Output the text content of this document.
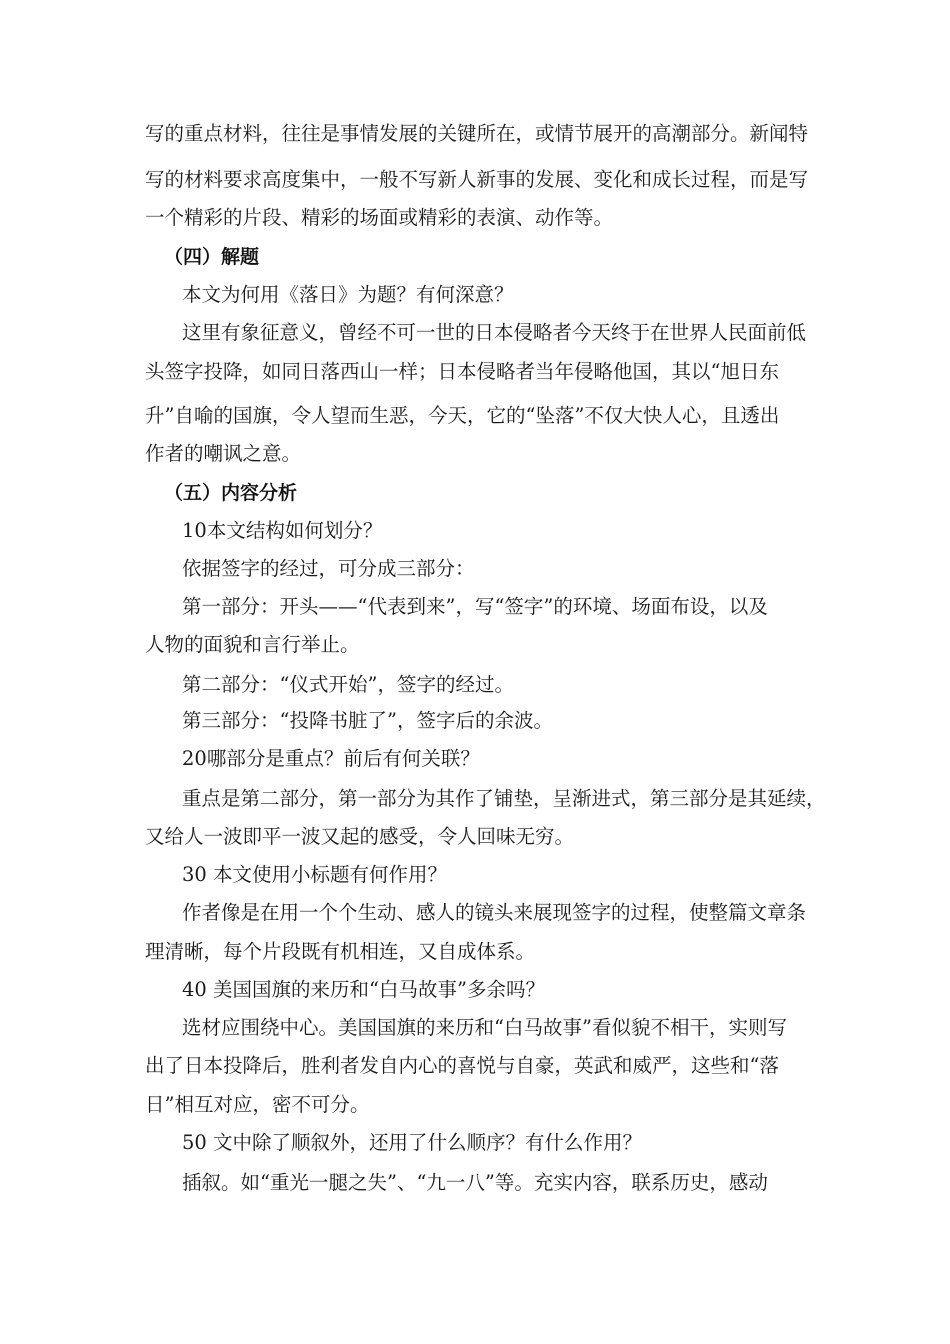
写的重点材料，往往是事情发展的关键所在，或情节展开的高潮部分。新闻特
写的材料要求高度集中，一般不写新人新事的发展、变化和成长过程，而是写
一个精彩的片段、精彩的场面或精彩的表演、动作等。
（四）解题
本文为何用《落日》为题？有何深意？
这里有象征意义，曾经不可一世的日本侵略者今天终于在世界人民面前低
头签字投降，如同日落西山一样；日本侵略者当年侵略他国，其以“旭日东
升”自喻的国旗，令人望而生恶，今天，它的“坠落”不仅大快人心，且透出
作者的嘲讽之意。
（五）内容分析
10本文结构如何划分？
依据签字的经过，可分成三部分：
第一部分：开头——“代表到来”，写“签字”的环境、场面布设，以及
人物的面貌和言行举止。
第二部分：“仪式开始”，签字的经过。
第三部分：“投降书脏了”，签字后的余波。
20哪部分是重点？前后有何关联？
重点是第二部分，第一部分为其作了铺垫，呈渐进式，第三部分是其延续，
又给人一波即平一波又起的感受，令人回味无穷。
30 本文使用小标题有何作用？
作者像是在用一个个生动、感人的镜头来展现签字的过程，使整篇文章条
理清晰，每个片段既有机相连，又自成体系。
40 美国国旗的来历和“白马故事”多余吗？
选材应围绕中心。美国国旗的来历和“白马故事”看似貌不相干，实则写
出了日本投降后，胜利者发自内心的喜悦与自豪，英武和威严，这些和“落
日”相互对应，密不可分。
50 文中除了顺叙外，还用了什么顺序？有什么作用？
插叙。如“重光一腿之失”、“九一八”等。充实内容，联系历史，感动
